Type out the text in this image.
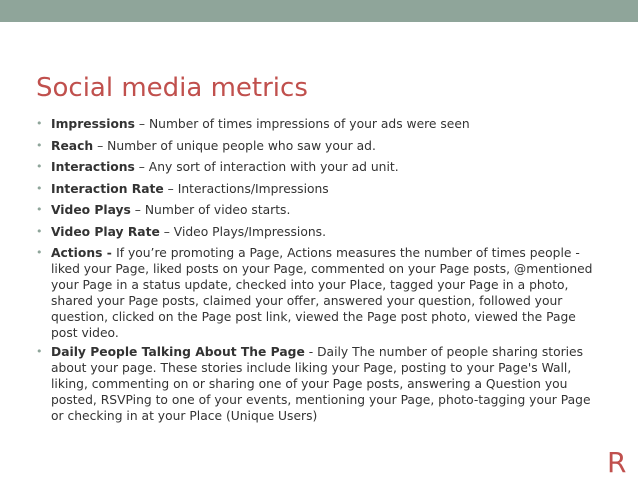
Social media metrics
• Impressions – Number of times impressions of your ads were seen
• Reach – Number of unique people who saw your ad.
• Interactions – Any sort of interaction with your ad unit.
• Interaction Rate – Interactions/Impressions
• Video Plays – Number of video starts.
• Video Play Rate – Video Plays/Impressions.
• Actions - If you’re promoting a Page, Actions measures the number of times people - liked your Page, liked posts on your Page, commented on your Page posts, @mentioned your Page in a status update, checked into your Place, tagged your Page in a photo, shared your Page posts, claimed your offer, answered your question, followed your question, clicked on the Page post link, viewed the Page post photo, viewed the Page post video.
• Daily People Talking About The Page - Daily The number of people sharing stories about your page. These stories include liking your Page, posting to your Page's Wall, liking, commenting on or sharing one of your Page posts, answering a Question you posted, RSVPing to one of your events, mentioning your Page, photo-tagging your Page or checking in at your Place (Unique Users)
R
